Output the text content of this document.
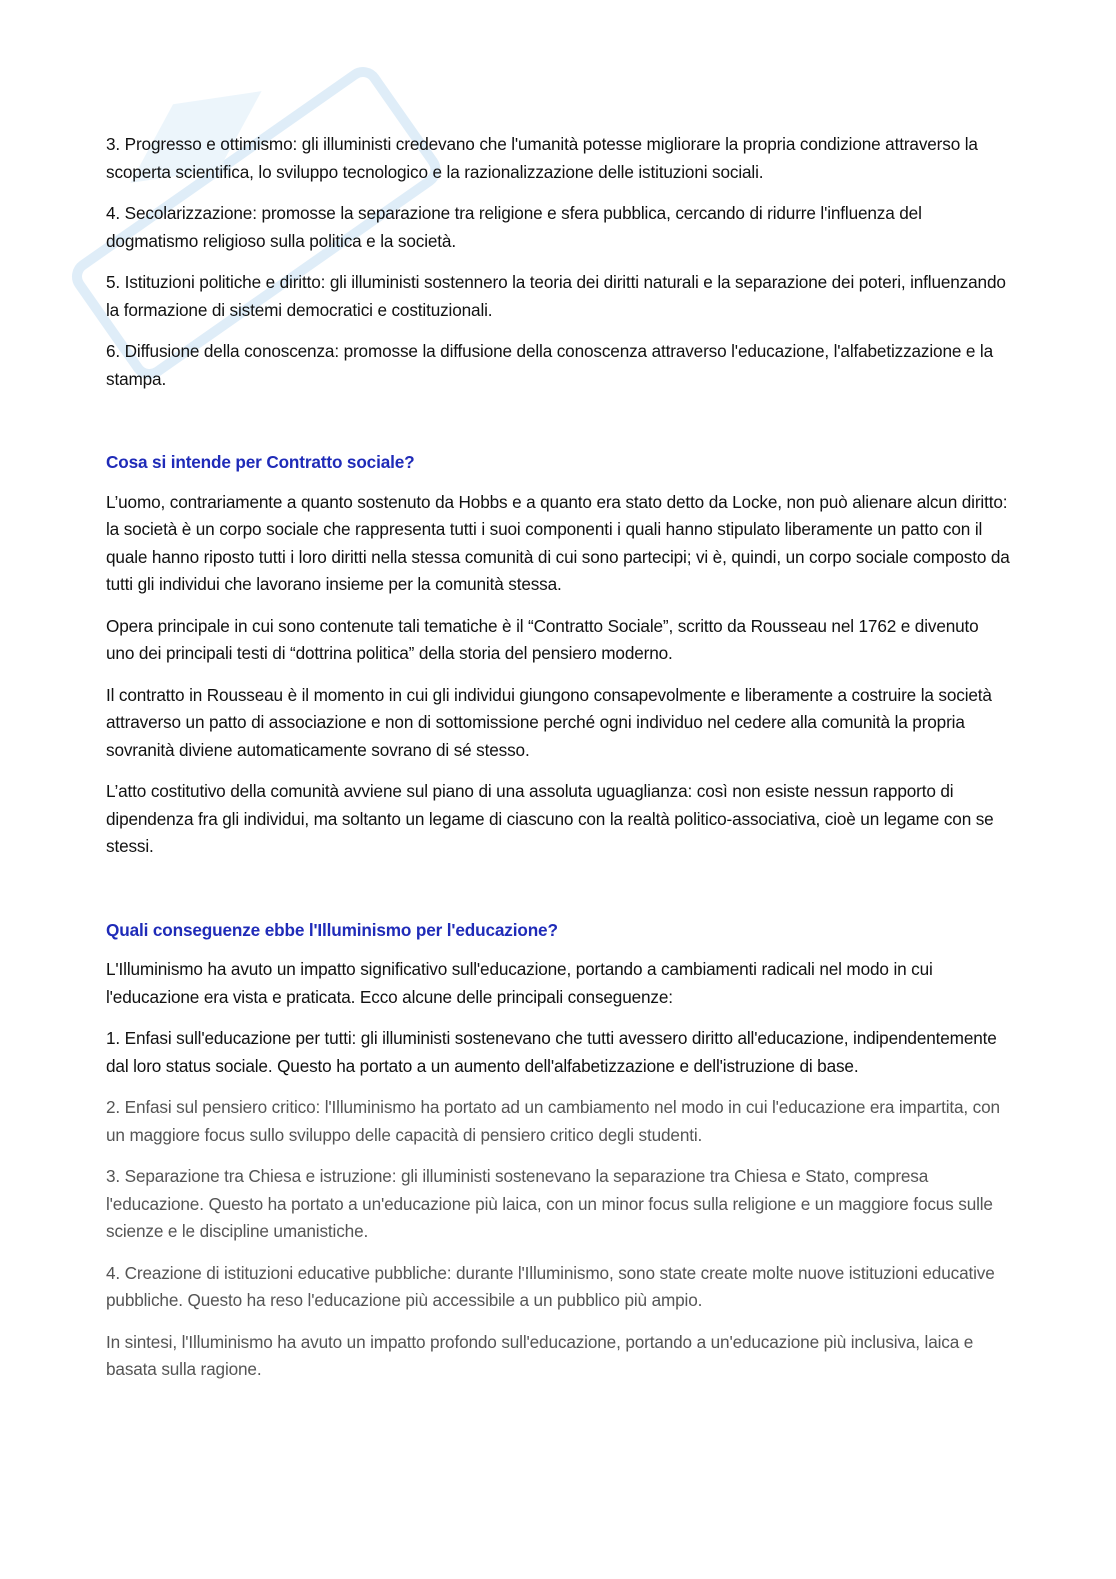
3. Progresso e ottimismo: gli illuministi credevano che l'umanità potesse migliorare la propria condizione attraverso la scoperta scientifica, lo sviluppo tecnologico e la razionalizzazione delle istituzioni sociali.

4. Secolarizzazione: promosse la separazione tra religione e sfera pubblica, cercando di ridurre l'influenza del dogmatismo religioso sulla politica e la società.

5. Istituzioni politiche e diritto: gli illuministi sostennero la teoria dei diritti naturali e la separazione dei poteri, influenzando la formazione di sistemi democratici e costituzionali.

6. Diffusione della conoscenza: promosse la diffusione della conoscenza attraverso l'educazione, l'alfabetizzazione e la stampa.

Cosa si intende per Contratto sociale?

L’uomo, contrariamente a quanto sostenuto da Hobbs e a quanto era stato detto da Locke, non può alienare alcun diritto: la società è un corpo sociale che rappresenta tutti i suoi componenti i quali hanno stipulato liberamente un patto con il quale hanno riposto tutti i loro diritti nella stessa comunità di cui sono partecipi; vi è, quindi, un corpo sociale composto da tutti gli individui che lavorano insieme per la comunità stessa.

Opera principale in cui sono contenute tali tematiche è il “Contratto Sociale”, scritto da Rousseau nel 1762 e divenuto uno dei principali testi di “dottrina politica” della storia del pensiero moderno.

Il contratto in Rousseau è il momento in cui gli individui giungono consapevolmente e liberamente a costruire la società attraverso un patto di associazione e non di sottomissione perché ogni individuo nel cedere alla comunità la propria sovranità diviene automaticamente sovrano di sé stesso.

L’atto costitutivo della comunità avviene sul piano di una assoluta uguaglianza: così non esiste nessun rapporto di dipendenza fra gli individui, ma soltanto un legame di ciascuno con la realtà politico-associativa, cioè un legame con se stessi.

Quali conseguenze ebbe l'Illuminismo per l'educazione?

L'Illuminismo ha avuto un impatto significativo sull'educazione, portando a cambiamenti radicali nel modo in cui l'educazione era vista e praticata. Ecco alcune delle principali conseguenze:

1. Enfasi sull'educazione per tutti: gli illuministi sostenevano che tutti avessero diritto all'educazione, indipendentemente dal loro status sociale. Questo ha portato a un aumento dell'alfabetizzazione e dell'istruzione di base.

2. Enfasi sul pensiero critico: l'Illuminismo ha portato ad un cambiamento nel modo in cui l'educazione era impartita, con un maggiore focus sullo sviluppo delle capacità di pensiero critico degli studenti.

3. Separazione tra Chiesa e istruzione: gli illuministi sostenevano la separazione tra Chiesa e Stato, compresa l'educazione. Questo ha portato a un'educazione più laica, con un minor focus sulla religione e un maggiore focus sulle scienze e le discipline umanistiche.

4. Creazione di istituzioni educative pubbliche: durante l'Illuminismo, sono state create molte nuove istituzioni educative pubbliche. Questo ha reso l'educazione più accessibile a un pubblico più ampio.

In sintesi, l'Illuminismo ha avuto un impatto profondo sull'educazione, portando a un'educazione più inclusiva, laica e basata sulla ragione.
